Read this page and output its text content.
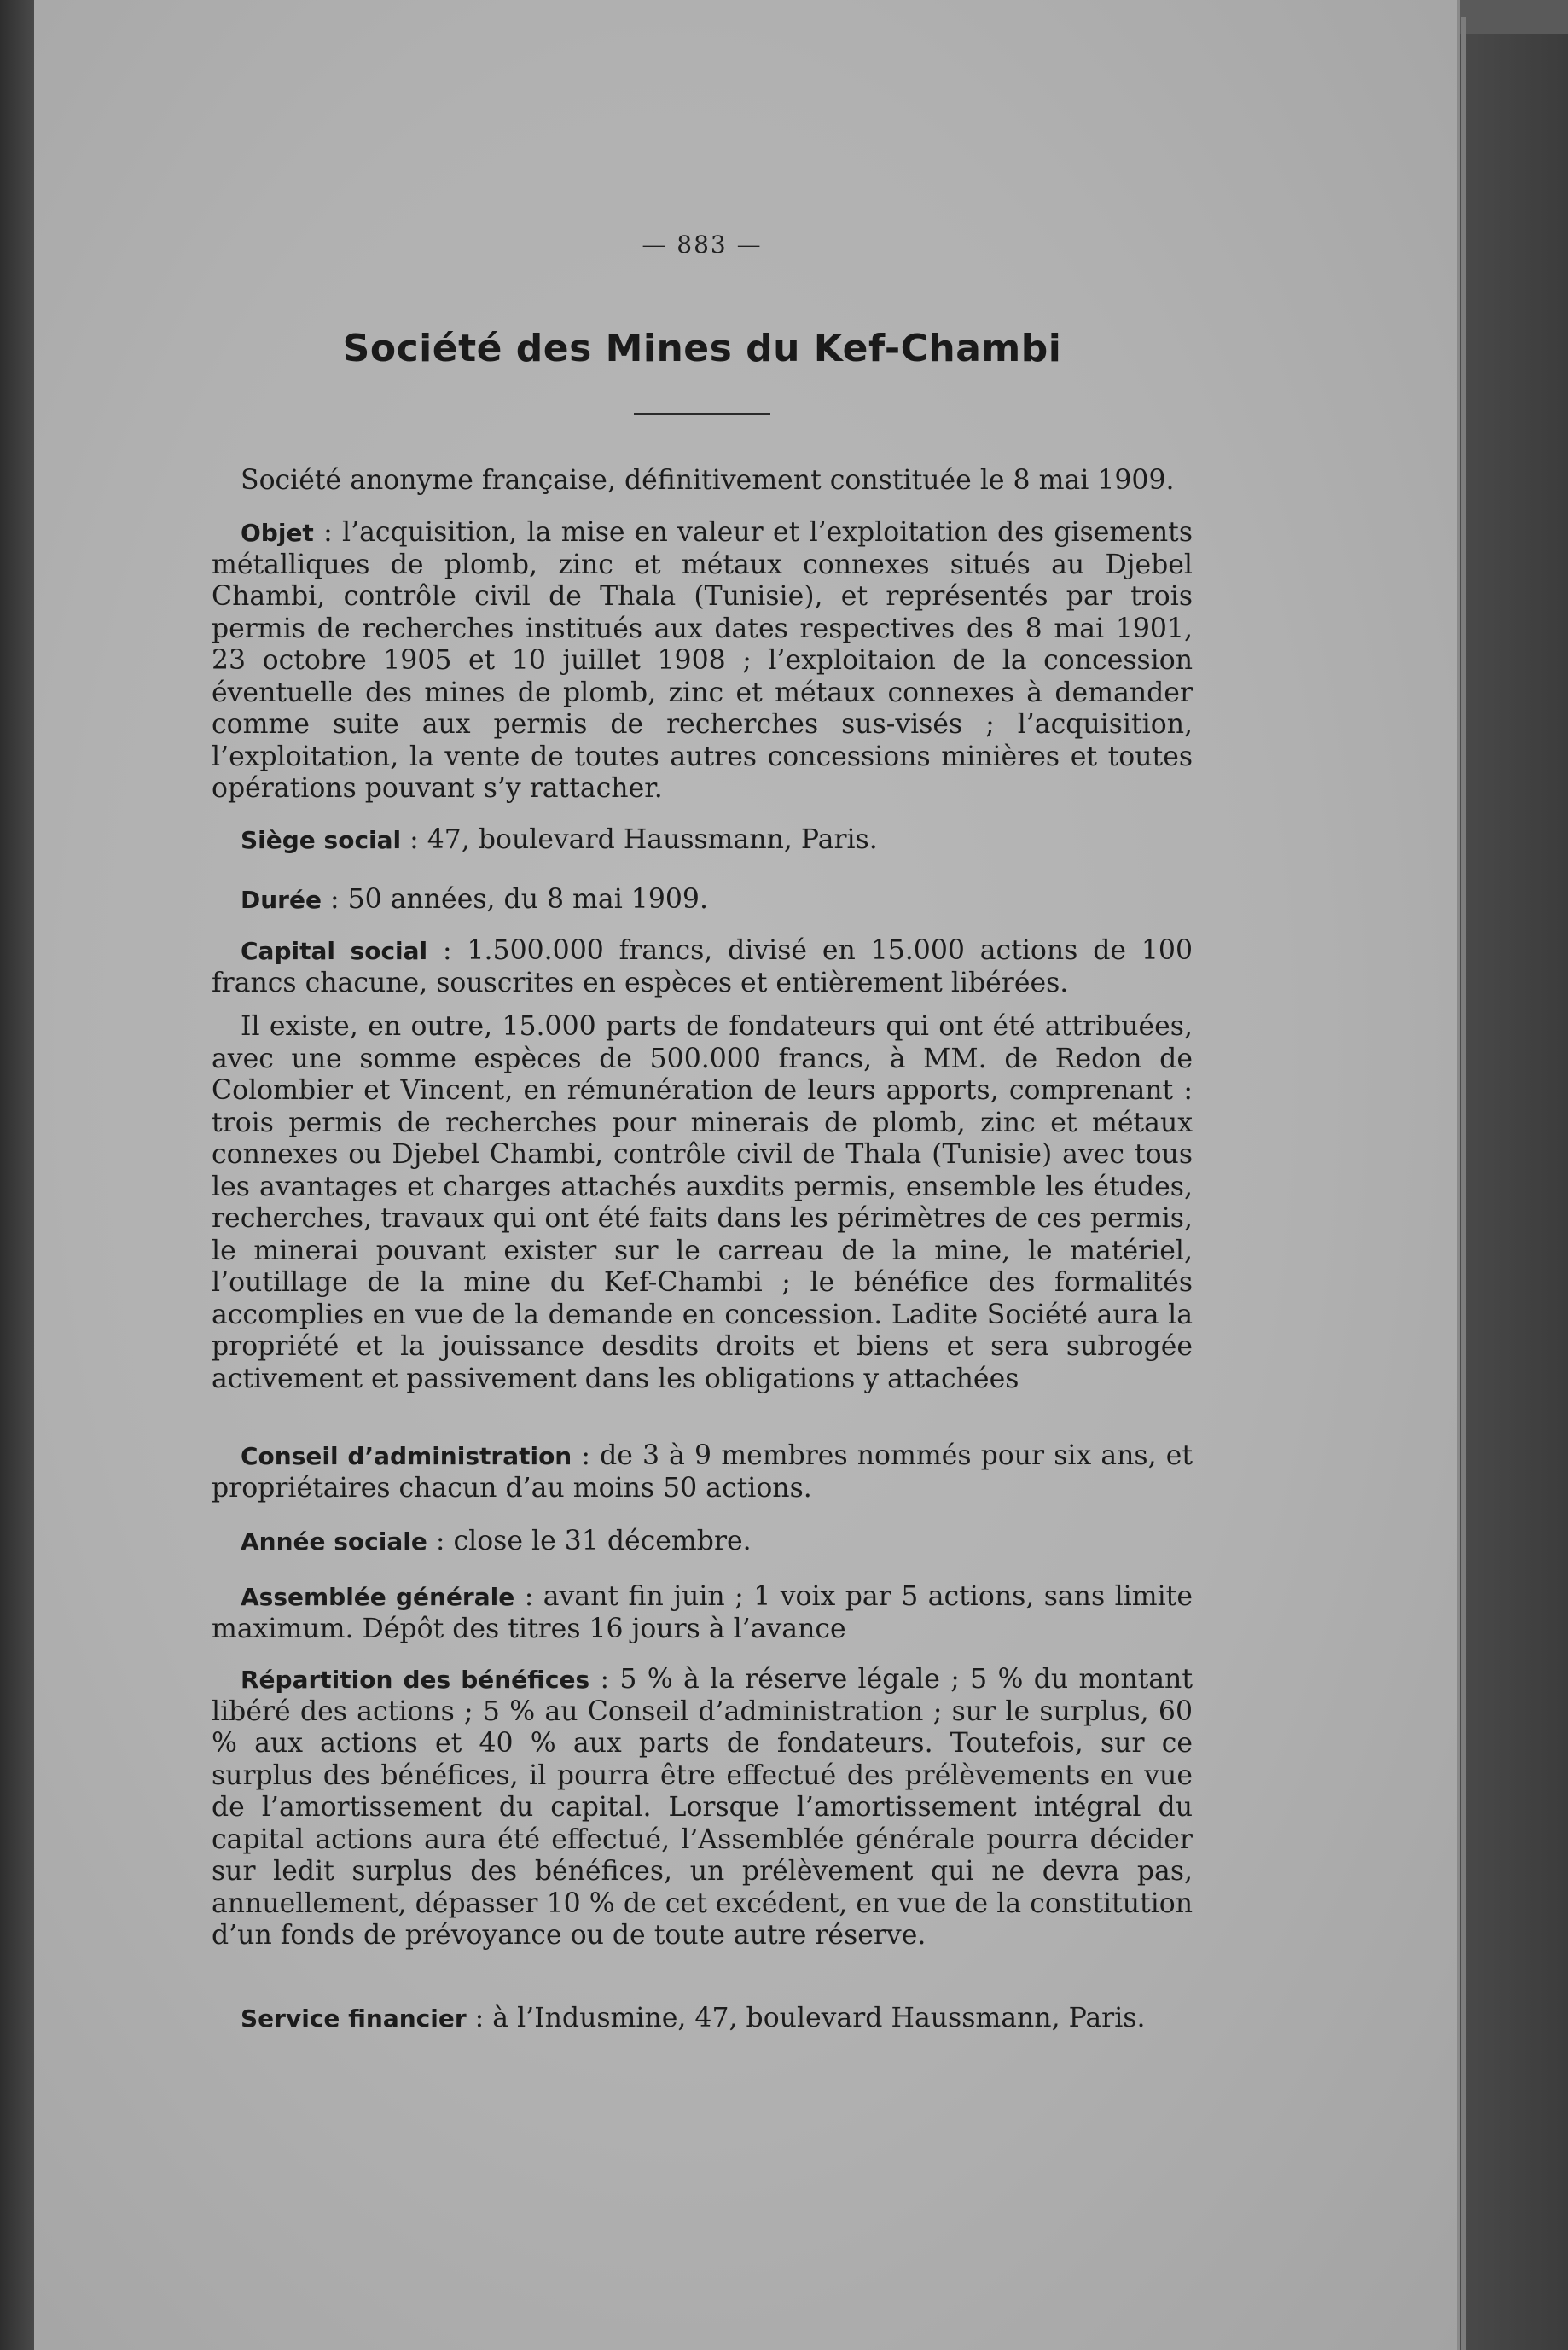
— 883 —
Société des Mines du Kef-Chambi

Société anonyme française, définitivement constituée le 8 mai 1909.

Objet : l’acquisition, la mise en valeur et l’exploitation des gisements métalliques de plomb, zinc et métaux connexes situés au Djebel Chambi, contrôle civil de Thala (Tunisie), et représentés par trois permis de recherches institués aux dates respectives des 8 mai 1901, 23 octobre 1905 et 10 juillet 1908 ; l’exploitaion de la concession éventuelle des mines de plomb, zinc et métaux connexes à demander comme suite aux permis de recherches sus-visés ; l’acquisition, l’exploitation, la vente de toutes autres concessions minières et toutes opérations pouvant s’y rattacher.

Siège social : 47, boulevard Haussmann, Paris.

Durée : 50 années, du 8 mai 1909.

Capital social : 1.500.000 francs, divisé en 15.000 actions de 100 francs chacune, souscrites en espèces et entièrement libérées.

Il existe, en outre, 15.000 parts de fondateurs qui ont été attribuées, avec une somme espèces de 500.000 francs, à MM. de Redon de Colombier et Vincent, en rémunération de leurs apports, comprenant : trois permis de recherches pour minerais de plomb, zinc et métaux connexes ou Djebel Chambi, contrôle civil de Thala (Tunisie) avec tous les avantages et charges attachés auxdits permis, ensemble les études, recherches, travaux qui ont été faits dans les périmètres de ces permis, le minerai pouvant exister sur le carreau de la mine, le matériel, l’outillage de la mine du Kef-Chambi ; le bénéfice des formalités accomplies en vue de la demande en concession. Ladite Société aura la propriété et la jouissance desdits droits et biens et sera subrogée activement et passivement dans les obligations y attachées

Conseil d’administration : de 3 à 9 membres nommés pour six ans, et propriétaires chacun d’au moins 50 actions.

Année sociale : close le 31 décembre.

Assemblée générale : avant fin juin ; 1 voix par 5 actions, sans limite maximum. Dépôt des titres 16 jours à l’avance

Répartition des bénéfices : 5 % à la réserve légale ; 5 % du montant libéré des actions ; 5 % au Conseil d’administration ; sur le surplus, 60 % aux actions et 40 % aux parts de fondateurs. Toutefois, sur ce surplus des bénéfices, il pourra être effectué des prélèvements en vue de l’amortissement du capital. Lorsque l’amortissement intégral du capital actions aura été effectué, l’Assemblée générale pourra décider sur ledit surplus des bénéfices, un prélèvement qui ne devra pas, annuellement, dépasser 10 % de cet excédent, en vue de la constitution d’un fonds de prévoyance ou de toute autre réserve.

Service financier : à l’Indusmine, 47, boulevard Haussmann, Paris.
